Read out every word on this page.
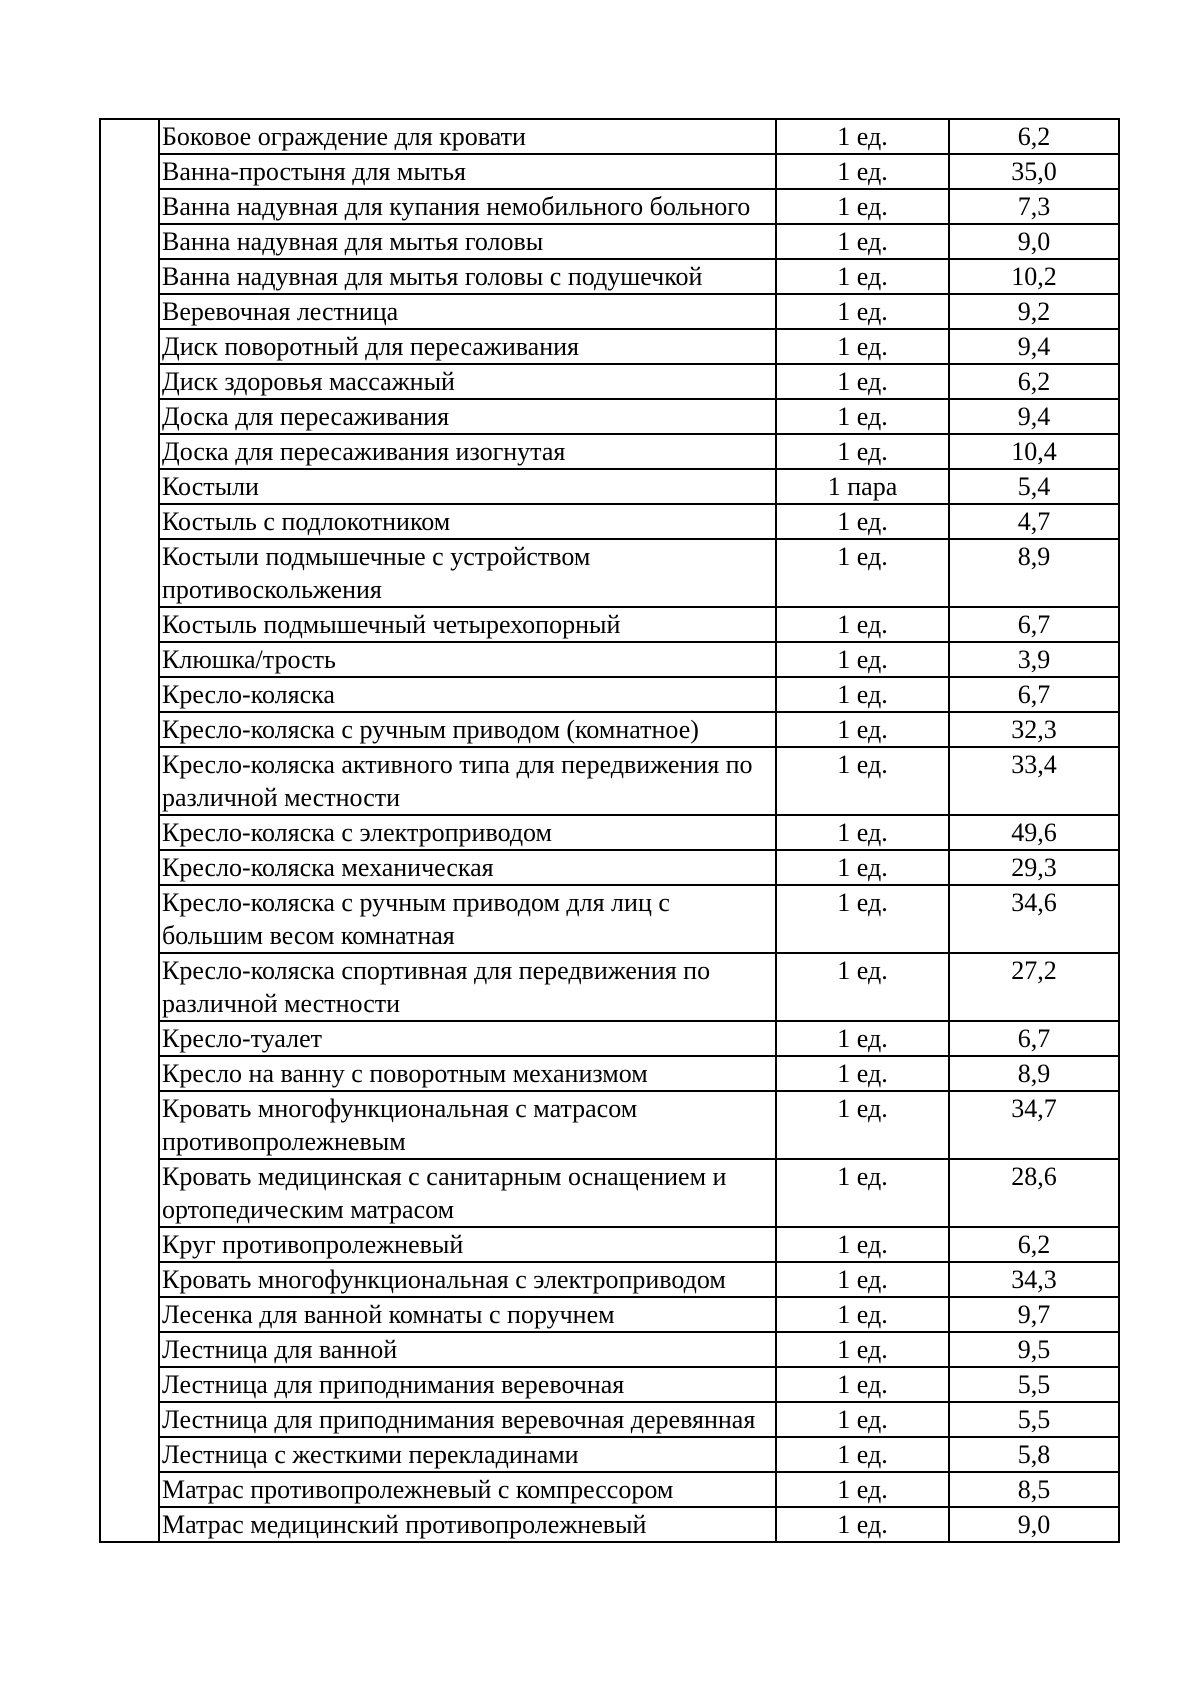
	Боковое ограждение для кровати	1 ед.	6,2
	Ванна-простыня для мытья	1 ед.	35,0
	Ванна надувная для купания немобильного больного	1 ед.	7,3
	Ванна надувная для мытья головы	1 ед.	9,0
	Ванна надувная для мытья головы с подушечкой	1 ед.	10,2
	Веревочная лестница	1 ед.	9,2
	Диск поворотный для пересаживания	1 ед.	9,4
	Диск здоровья массажный	1 ед.	6,2
	Доска для пересаживания	1 ед.	9,4
	Доска для пересаживания изогнутая	1 ед.	10,4
	Костыли	1 пара	5,4
	Костыль с подлокотником	1 ед.	4,7
	Костыли подмышечные с устройством противоскольжения	1 ед.	8,9
	Костыль подмышечный четырехопорный	1 ед.	6,7
	Клюшка/трость	1 ед.	3,9
	Кресло-коляска	1 ед.	6,7
	Кресло-коляска с ручным приводом (комнатное)	1 ед.	32,3
	Кресло-коляска активного типа для передвижения по различной местности	1 ед.	33,4
	Кресло-коляска с электроприводом	1 ед.	49,6
	Кресло-коляска механическая	1 ед.	29,3
	Кресло-коляска с ручным приводом для лиц с большим весом комнатная	1 ед.	34,6
	Кресло-коляска спортивная для передвижения по различной местности	1 ед.	27,2
	Кресло-туалет	1 ед.	6,7
	Кресло на ванну с поворотным механизмом	1 ед.	8,9
	Кровать многофункциональная с матрасом противопролежневым	1 ед.	34,7
	Кровать медицинская с санитарным оснащением и ортопедическим матрасом	1 ед.	28,6
	Круг противопролежневый	1 ед.	6,2
	Кровать многофункциональная с электроприводом	1 ед.	34,3
	Лесенка для ванной комнаты с поручнем	1 ед.	9,7
	Лестница для ванной	1 ед.	9,5
	Лестница для приподнимания веревочная	1 ед.	5,5
	Лестница для приподнимания веревочная деревянная	1 ед.	5,5
	Лестница с жесткими перекладинами	1 ед.	5,8
	Матрас противопролежневый с компрессором	1 ед.	8,5
	Матрас медицинский противопролежневый	1 ед.	9,0
